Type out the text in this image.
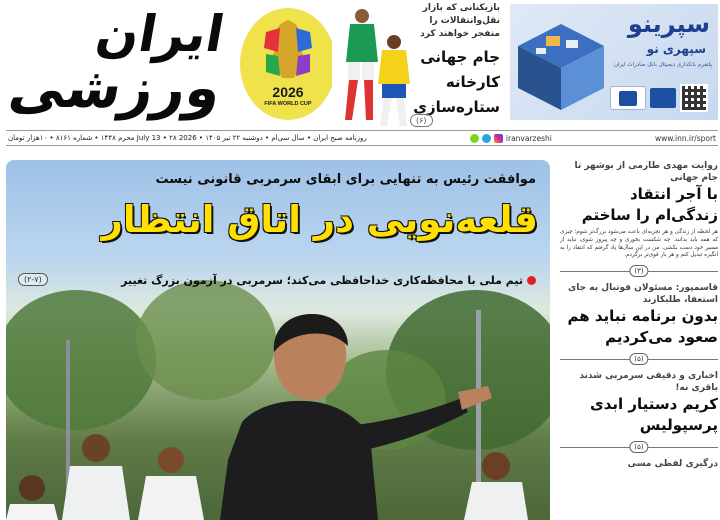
ایران
ورزشی	2026
FIFA WORLD CUP
بازیکنانی که بازار نقل‌وانتقالات را منفجر خواهند کرد
جام جهانی
کارخانه
ستاره‌سازی
(۶)
سپرینو
سپهری نو
پلتفرم بانکداری دیجیتال بانک صادرات ایران
www.inn.ir/sport
iranvarzeshi
روزنامه صبح ایران • سال سی‌ام • دوشنبه ۲۲ تیر ۱۴۰۵ • 2026 July 13 • ۲۸ محرم ۱۴۴۸ • شماره ۸۱۶۱ • ۱۰هزار تومان
موافقت رئیس به تنهایی برای ابقای سرمربی قانونی نیست
قلعه‌نویی در اتاق انتظار
تیم ملی با محافظه‌کاری خداحافظی می‌کند؛ سرمربی در آزمون بزرگ تغییر
(۲-۷)
روایت مهدی طارمی از بوشهر تا جام جهانی
با آجر انتقاد
زندگی‌ام را ساختم
هر لحظه از زندگی و هر تجربه‌ای باعث می‌شود بزرگ‌تر شوم؛ چیزی که همه باید بدانند. چه شکست بخوری و چه پیروز شوی، نباید از مسیر خود دست بکشی. من در این سال‌ها یاد گرفتم که انتقاد را به انگیزه تبدیل کنم و هر بار قوی‌تر برگردم.
(۳)
قاسمپور: مسئولان فوتبال به جای استعفا، طلبکارند
بدون برنامه نباید هم
صعود می‌کردیم
(۵)
اخباری و دقیقی سرمربی شدند باقری نه!
کریم دستیار ابدی
پرسپولیس
(۵)
درگیری لفظی مسی
